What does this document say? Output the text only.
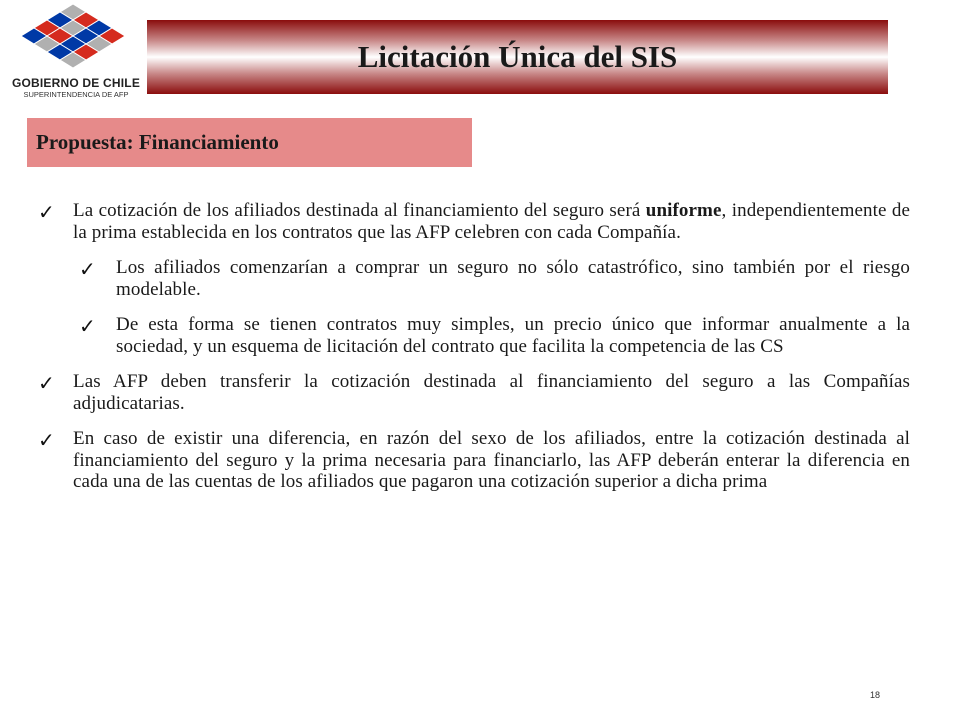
GOBIERNO DE CHILE
SUPERINTENDENCIA DE AFP
Licitación Única del SIS
Propuesta: Financiamiento
✓ La cotización de los afiliados destinada al financiamiento del seguro será uniforme, independientemente de la prima establecida en los contratos que las AFP celebren con cada Compañía.
✓ Los afiliados comenzarían a comprar un seguro no sólo catastrófico, sino también por el riesgo modelable.
✓ De esta forma se tienen contratos muy simples, un precio único que informar anualmente a la sociedad, y un esquema de licitación del contrato que facilita la competencia de las CS
✓ Las AFP deben transferir la cotización destinada al financiamiento del seguro a las Compañías adjudicatarias.
✓ En caso de existir una diferencia, en razón del sexo de los afiliados, entre la cotización destinada al financiamiento del seguro y la prima necesaria para financiarlo, las AFP deberán enterar la diferencia en cada una de las cuentas de los afiliados que pagaron una cotización superior a dicha prima
18
